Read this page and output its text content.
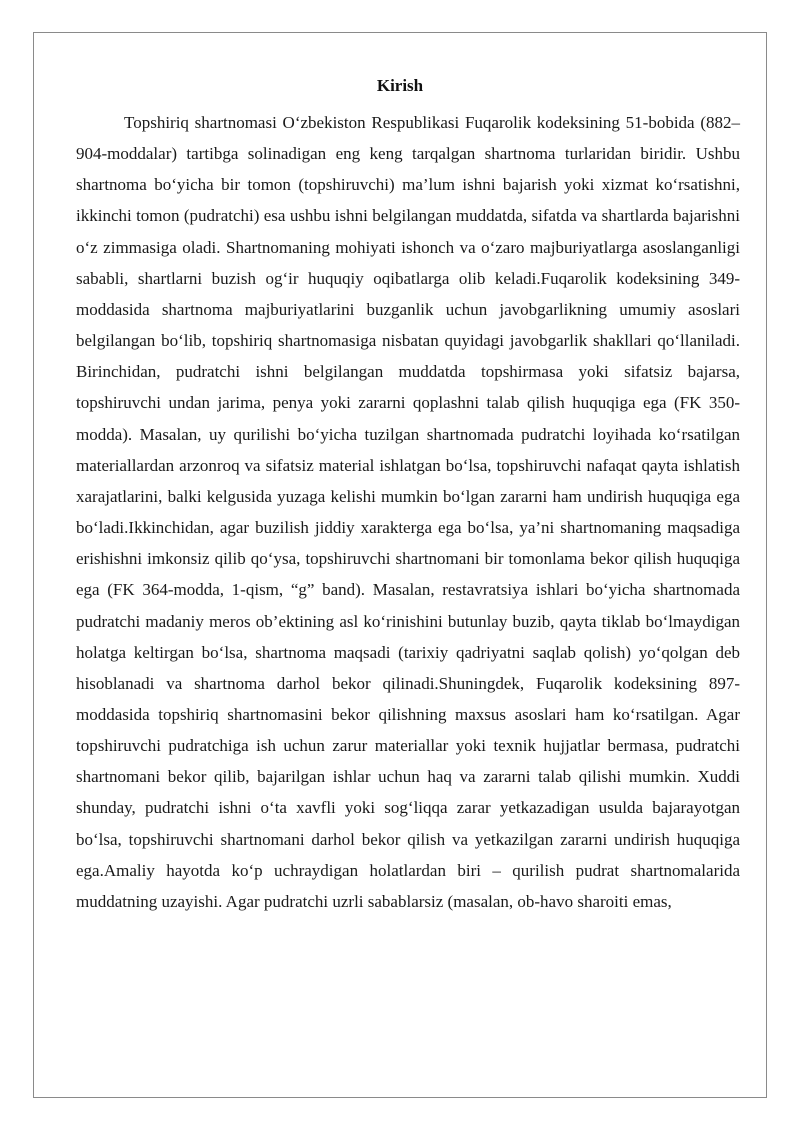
Kirish

Topshiriq shartnomasi O‘zbekiston Respublikasi Fuqarolik kodeksining 51-bobida (882–904-moddalar) tartibga solinadigan eng keng tarqalgan shartnoma turlaridan biridir. Ushbu shartnoma bo‘yicha bir tomon (topshiruvchi) ma’lum ishni bajarish yoki xizmat ko‘rsatishni, ikkinchi tomon (pudratchi) esa ushbu ishni belgilangan muddatda, sifatda va shartlarda bajarishni o‘z zimmasiga oladi. Shartnomaning mohiyati ishonch va o‘zaro majburiyatlarga asoslanganligi sababli, shartlarni buzish og‘ir huquqiy oqibatlarga olib keladi.Fuqarolik kodeksining 349-moddasida shartnoma majburiyatlarini buzganlik uchun javobgarlikning umumiy asoslari belgilangan bo‘lib, topshiriq shartnomasiga nisbatan quyidagi javobgarlik shakllari qo‘llaniladi. Birinchidan, pudratchi ishni belgilangan muddatda topshirmasa yoki sifatsiz bajarsa, topshiruvchi undan jarima, penya yoki zararni qoplashni talab qilish huquqiga ega (FK 350-modda). Masalan, uy qurilishi bo‘yicha tuzilgan shartnomada pudratchi loyihada ko‘rsatilgan materiallardan arzonroq va sifatsiz material ishlatgan bo‘lsa, topshiruvchi nafaqat qayta ishlatish xarajatlarini, balki kelgusida yuzaga kelishi mumkin bo‘lgan zararni ham undirish huquqiga ega bo‘ladi.Ikkinchidan, agar buzilish jiddiy xarakterga ega bo‘lsa, ya’ni shartnomaning maqsadiga erishishni imkonsiz qilib qo‘ysa, topshiruvchi shartnomani bir tomonlama bekor qilish huquqiga ega (FK 364-modda, 1-qism, “g” band). Masalan, restavratsiya ishlari bo‘yicha shartnomada pudratchi madaniy meros ob’ektining asl ko‘rinishini butunlay buzib, qayta tiklab bo‘lmaydigan holatga keltirgan bo‘lsa, shartnoma maqsadi (tarixiy qadriyatni saqlab qolish) yo‘qolgan deb hisoblanadi va shartnoma darhol bekor qilinadi.Shuningdek, Fuqarolik kodeksining 897-moddasida topshiriq shartnomasini bekor qilishning maxsus asoslari ham ko‘rsatilgan. Agar topshiruvchi pudratchiga ish uchun zarur materiallar yoki texnik hujjatlar bermasa, pudratchi shartnomani bekor qilib, bajarilgan ishlar uchun haq va zararni talab qilishi mumkin. Xuddi shunday, pudratchi ishni o‘ta xavfli yoki sog‘liqqa zarar yetkazadigan usulda bajarayotgan bo‘lsa, topshiruvchi shartnomani darhol bekor qilish va yetkazilgan zararni undirish huquqiga ega.Amaliy hayotda ko‘p uchraydigan holatlardan biri – qurilish pudrat shartnomalarida muddatning uzayishi. Agar pudratchi uzrli sabablarsiz (masalan, ob-havo sharoiti emas,
